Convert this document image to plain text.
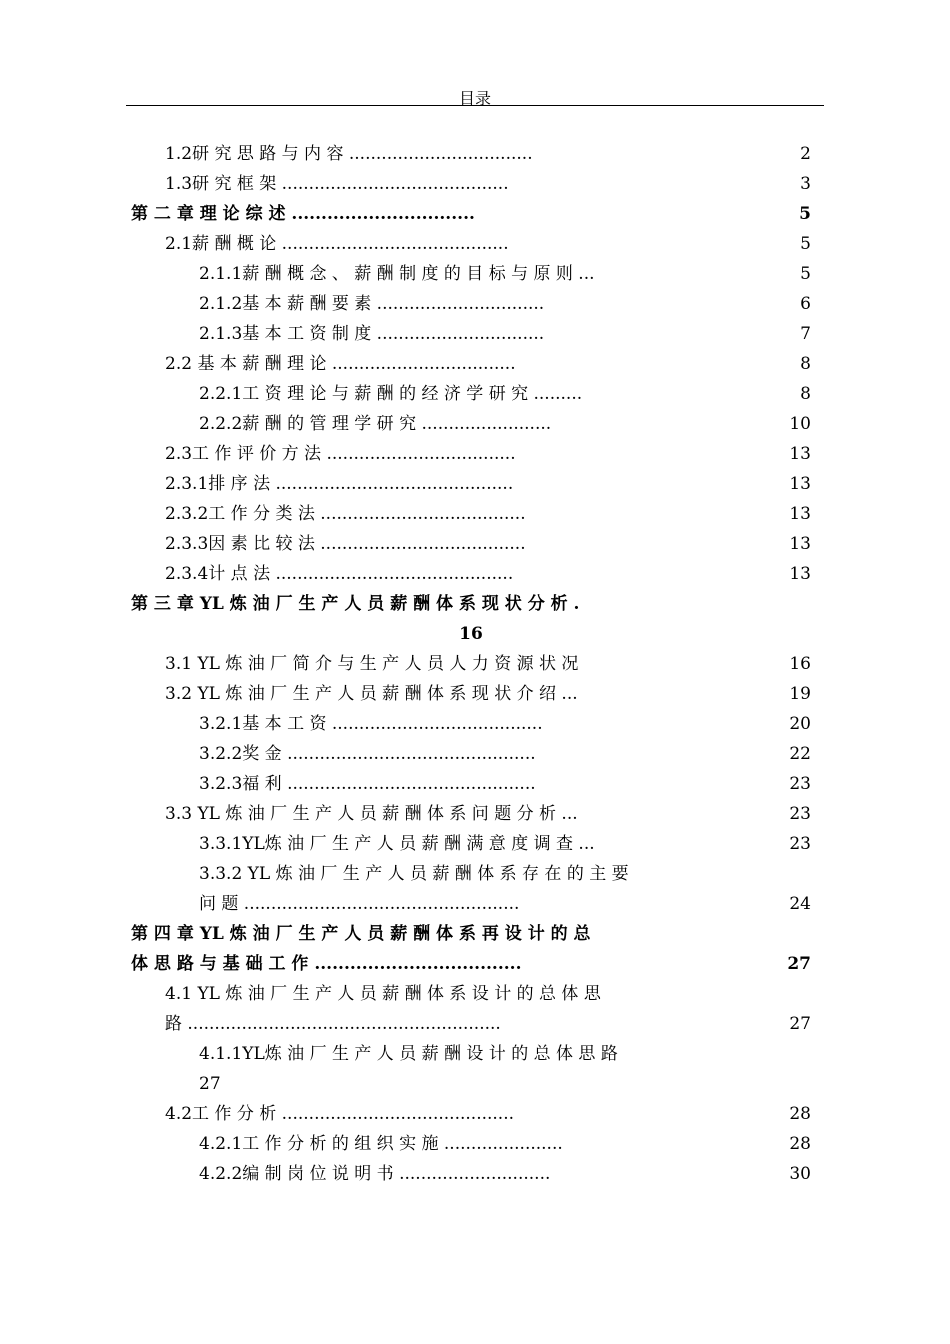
目录
1.2研 究 思 路 与 内 容 ..................................	2
1.3研 究 框 架 ..........................................	3
第 二 章 理 论 综 述 ...............................	5
2.1薪 酬 概 论 ..........................................	5
2.1.1薪 酬 概 念 、 薪 酬 制 度 的 目 标 与 原 则 ...	5
2.1.2基 本 薪 酬 要 素 ...............................	6
2.1.3基 本 工 资 制 度 ...............................	7
2.2 基 本 薪 酬 理 论 ..................................	8
2.2.1工 资 理 论 与 薪 酬 的 经 济 学 研 究 .........	8
2.2.2薪 酬 的 管 理 学 研 究 ........................	10
2.3工 作 评 价 方 法 ...................................	13
2.3.1排 序 法 ............................................	13
2.3.2工 作 分 类 法 ......................................	13
2.3.3因 素 比 较 法 ......................................	13
2.3.4计 点 法 ............................................	13
第 三 章 YL 炼 油 厂 生 产 人 员 薪 酬 体 系 现 状 分 析 .
16
3.1 YL 炼 油 厂 简 介 与 生 产 人 员 人 力 资 源 状 况	16
3.2 YL 炼 油 厂 生 产 人 员 薪 酬 体 系 现 状 介 绍 ...	19
3.2.1基 本 工 资 .......................................	20
3.2.2奖 金 ..............................................	22
3.2.3福 利 ..............................................	23
3.3 YL 炼 油 厂 生 产 人 员 薪 酬 体 系 问 题 分 析 ...	23
3.3.1YL炼 油 厂 生 产 人 员 薪 酬 满 意 度 调 查 ...	23
3.3.2 YL 炼 油 厂 生 产 人 员 薪 酬 体 系 存 在 的 主 要
问 题 ...................................................	24
第 四 章 YL 炼 油 厂 生 产 人 员 薪 酬 体 系 再 设 计 的 总
体 思 路 与 基 础 工 作 ...................................	27
4.1 YL 炼 油 厂 生 产 人 员 薪 酬 体 系 设 计 的 总 体 思
路 ..........................................................	27
4.1.1YL炼 油 厂 生 产 人 员 薪 酬 设 计 的 总 体 思 路
27
4.2工 作 分 析 ...........................................	28
4.2.1工 作 分 析 的 组 织 实 施 ......................	28
4.2.2编 制 岗 位 说 明 书 ............................	30
